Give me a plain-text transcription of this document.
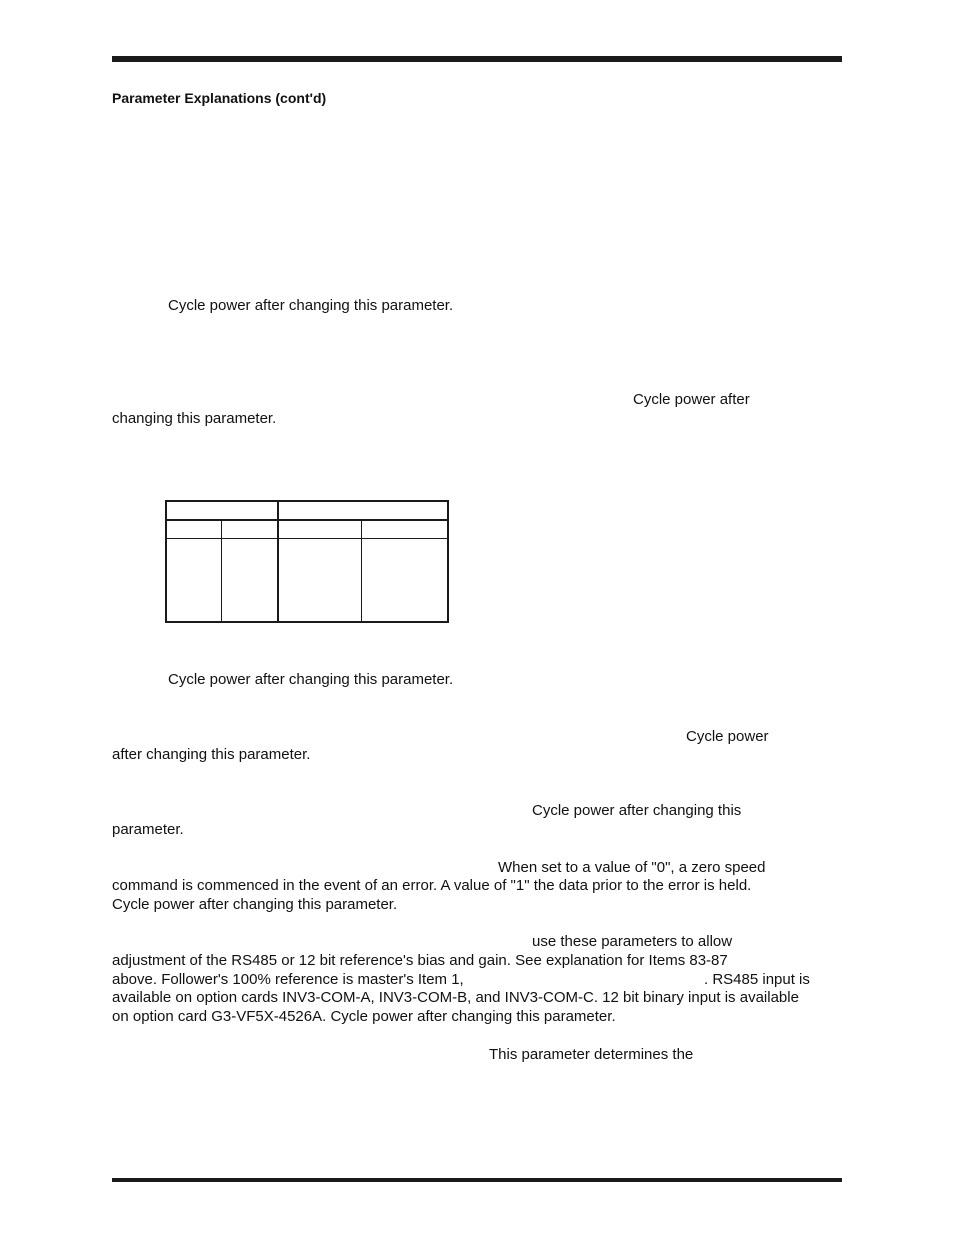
Parameter Explanations (cont'd)
Cycle power after changing this parameter.
Cycle power after
changing this parameter.
Cycle power after changing this parameter.
Cycle power
after changing this parameter.
Cycle power after changing this
parameter.
When set to a value of "0", a zero speed
command is commenced in the event of an error. A value of "1" the data prior to the error is held.
Cycle power after changing this parameter.
use these parameters to allow
adjustment of the RS485 or 12 bit reference's bias and gain. See explanation for Items 83-87
above. Follower's 100% reference is master's Item 1,	. RS485 input is
available on option cards INV3-COM-A, INV3-COM-B, and INV3-COM-C. 12 bit binary input is available
on option card G3-VF5X-4526A. Cycle power after changing this parameter.
This parameter determines the
